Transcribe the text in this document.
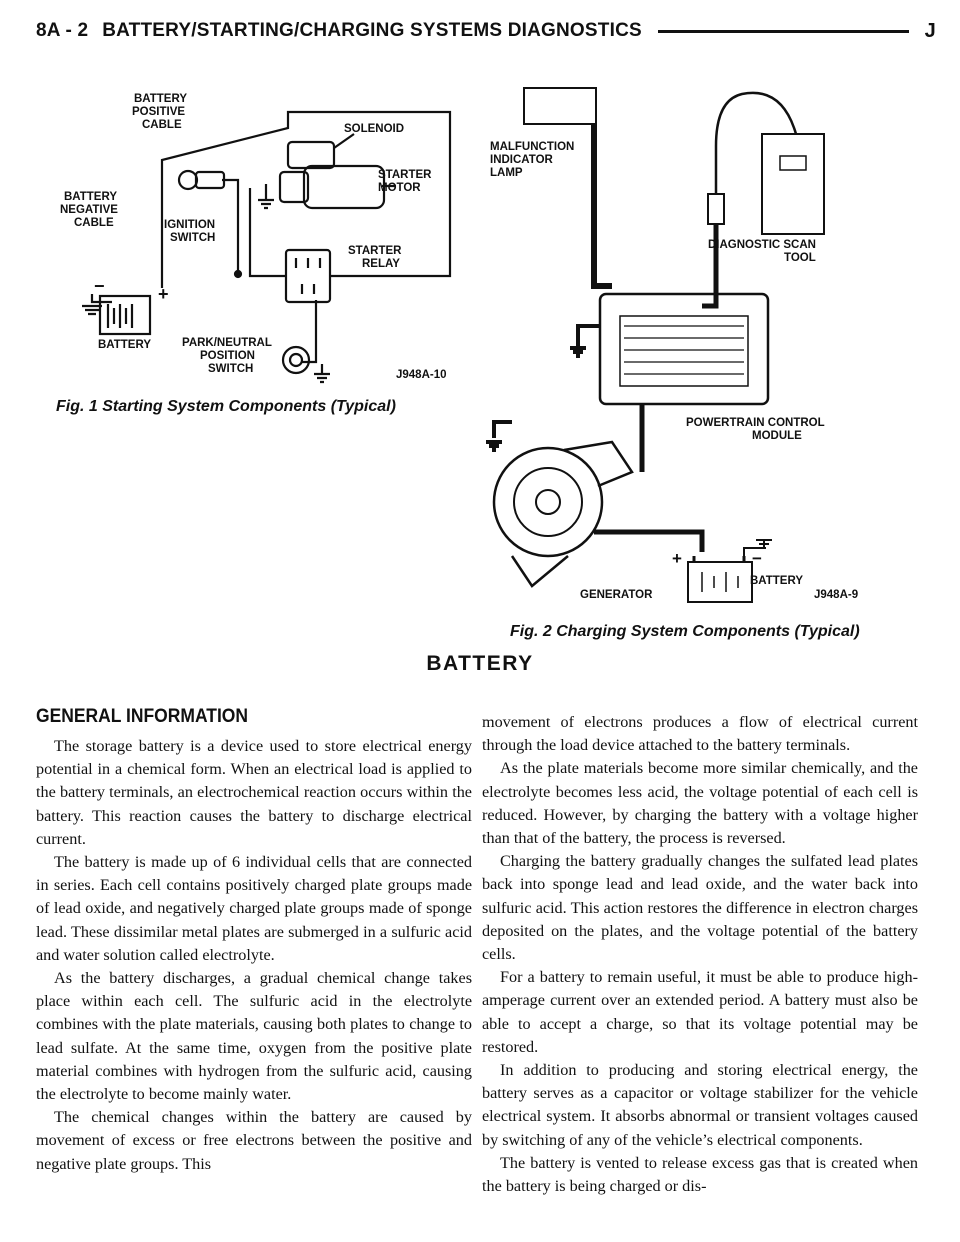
8A - 2 BATTERY/STARTING/CHARGING SYSTEMS DIAGNOSTICS	J
BATTERY
POSITIVE
CABLE	SOLENOID
STARTER
MOTOR
BATTERY
NEGATIVE
CABLE	IGNITION
SWITCH
STARTER
RELAY
BATTERY	PARK/NEUTRAL
POSITION
SWITCH
+
−
J948A-10
MALFUNCTION
INDICATOR
LAMP
DIAGNOSTIC SCAN
TOOL
POWERTRAIN CONTROL
MODULE
GENERATOR
BATTERY
+	−
J948A-9
Fig. 1 Starting System Components (Typical)
Fig. 2 Charging System Components (Typical)
BATTERY
GENERAL INFORMATION

The storage battery is a device used to store electrical energy potential in a chemical form. When an electrical load is applied to the battery terminals, an electrochemical reaction occurs within the battery. This reaction causes the battery to discharge electrical current.

The battery is made up of 6 individual cells that are connected in series. Each cell contains positively charged plate groups made of lead oxide, and negatively charged plate groups made of sponge lead. These dissimilar metal plates are submerged in a sulfuric acid and water solution called electrolyte.

As the battery discharges, a gradual chemical change takes place within each cell. The sulfuric acid in the electrolyte combines with the plate materials, causing both plates to change to lead sulfate. At the same time, oxygen from the positive plate material combines with hydrogen from the sulfuric acid, causing the electrolyte to become mainly water.

The chemical changes within the battery are caused by movement of excess or free electrons between the positive and negative plate groups. This

movement of electrons produces a flow of electrical current through the load device attached to the battery terminals.

As the plate materials become more similar chemically, and the electrolyte becomes less acid, the voltage potential of each cell is reduced. However, by charging the battery with a voltage higher than that of the battery, the process is reversed.

Charging the battery gradually changes the sulfated lead plates back into sponge lead and lead oxide, and the water back into sulfuric acid. This action restores the difference in electron charges deposited on the plates, and the voltage potential of the battery cells.

For a battery to remain useful, it must be able to produce high-amperage current over an extended period. A battery must also be able to accept a charge, so that its voltage potential may be restored.

In addition to producing and storing electrical energy, the battery serves as a capacitor or voltage stabilizer for the vehicle electrical system. It absorbs abnormal or transient voltages caused by switching of any of the vehicle’s electrical components.

The battery is vented to release excess gas that is created when the battery is being charged or dis-
